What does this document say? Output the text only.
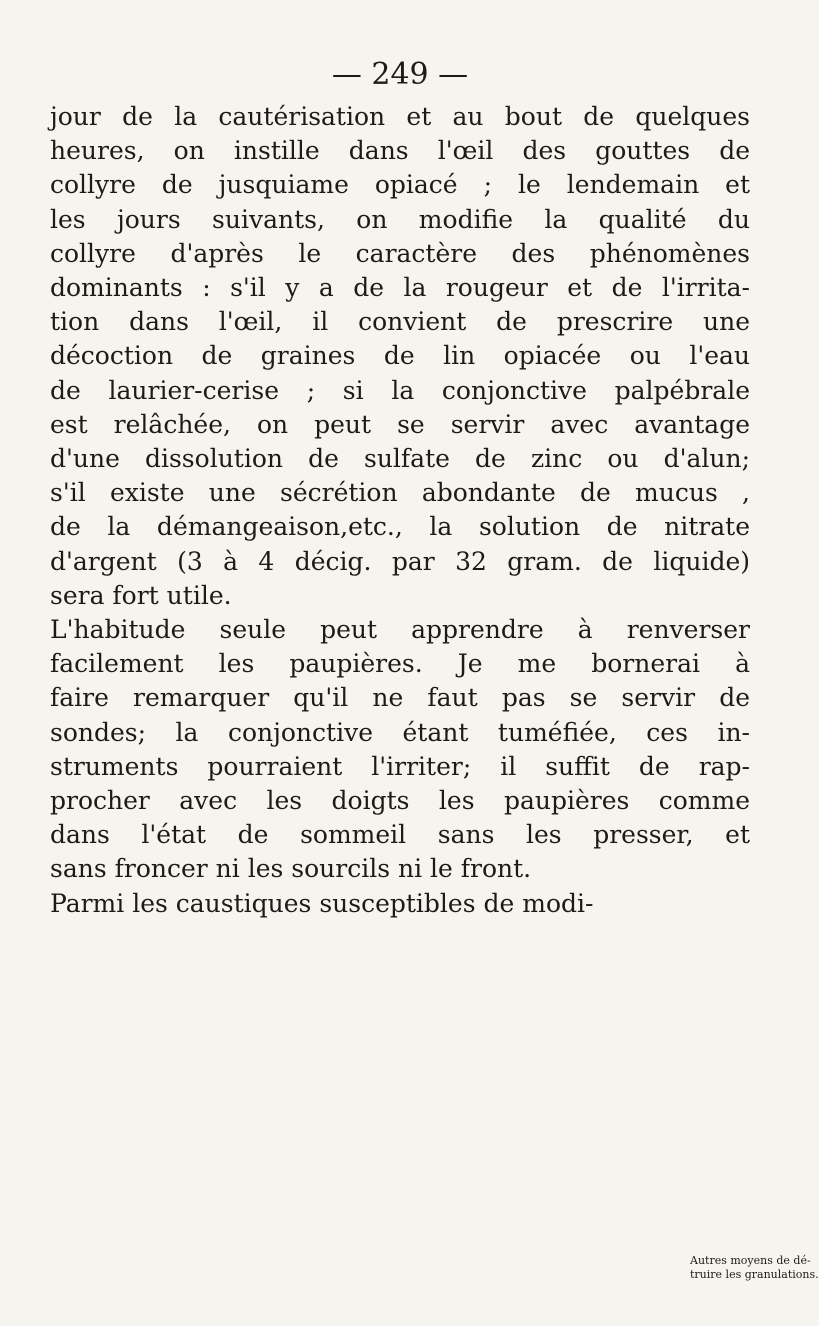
— 249 —
jour de la cautérisation et au bout de quelques
heures, on instille dans l'œil des gouttes de
collyre de jusquiame opiacé ; le lendemain et
les jours suivants, on modifie la qualité du
collyre d'après le caractère des phénomènes
dominants : s'il y a de la rougeur et de l'irrita-
tion dans l'œil, il convient de prescrire une
décoction de graines de lin opiacée ou l'eau
de laurier-cerise ; si la conjonctive palpébrale
est relâchée, on peut se servir avec avantage
d'une dissolution de sulfate de zinc ou d'alun;
s'il existe une sécrétion abondante de mucus ,
de la démangeaison,etc., la solution de nitrate
d'argent (3 à 4 décig. par 32 gram. de liquide)
sera fort utile.
L'habitude seule peut apprendre à renverser
facilement les paupières. Je me bornerai à
faire remarquer qu'il ne faut pas se servir de
sondes; la conjonctive étant tuméfiée, ces in-
struments pourraient l'irriter; il suffit de rap-
procher avec les doigts les paupières comme
dans l'état de sommeil sans les presser, et
sans froncer ni les sourcils ni le front.
Parmi les caustiques susceptibles de modi-
Autres moyens de dé-
truire les granulations.
